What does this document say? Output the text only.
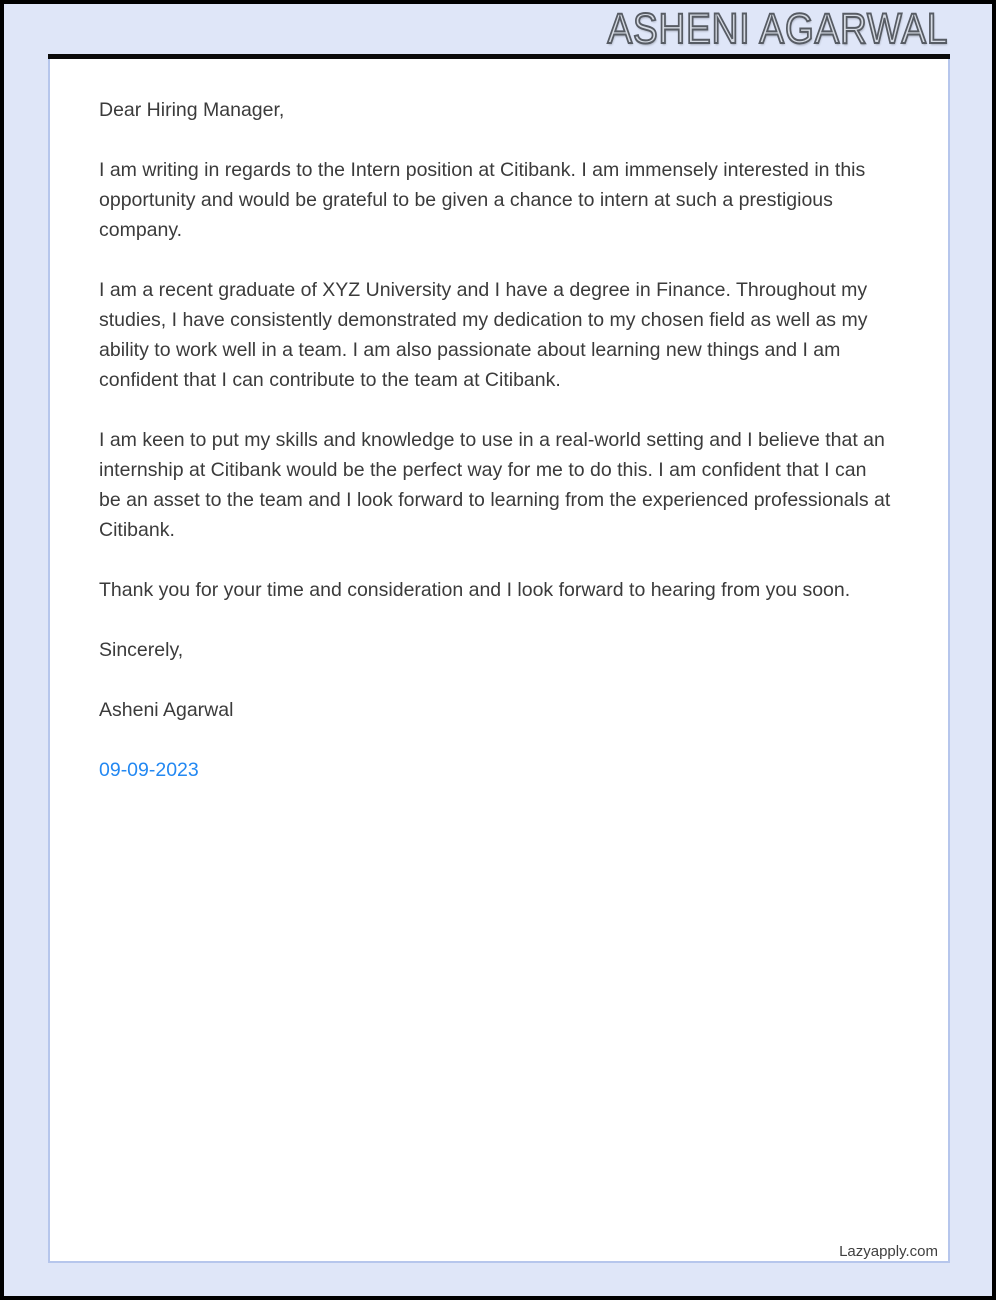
ASHENI AGARWAL

Dear Hiring Manager,

I am writing in regards to the Intern position at Citibank. I am immensely interested in this opportunity and would be grateful to be given a chance to intern at such a prestigious company.

I am a recent graduate of XYZ University and I have a degree in Finance. Throughout my studies, I have consistently demonstrated my dedication to my chosen field as well as my ability to work well in a team. I am also passionate about learning new things and I am confident that I can contribute to the team at Citibank.

I am keen to put my skills and knowledge to use in a real-world setting and I believe that an internship at Citibank would be the perfect way for me to do this. I am confident that I can be an asset to the team and I look forward to learning from the experienced professionals at Citibank.

Thank you for your time and consideration and I look forward to hearing from you soon.

Sincerely,

Asheni Agarwal

09-09-2023

Lazyapply.com
